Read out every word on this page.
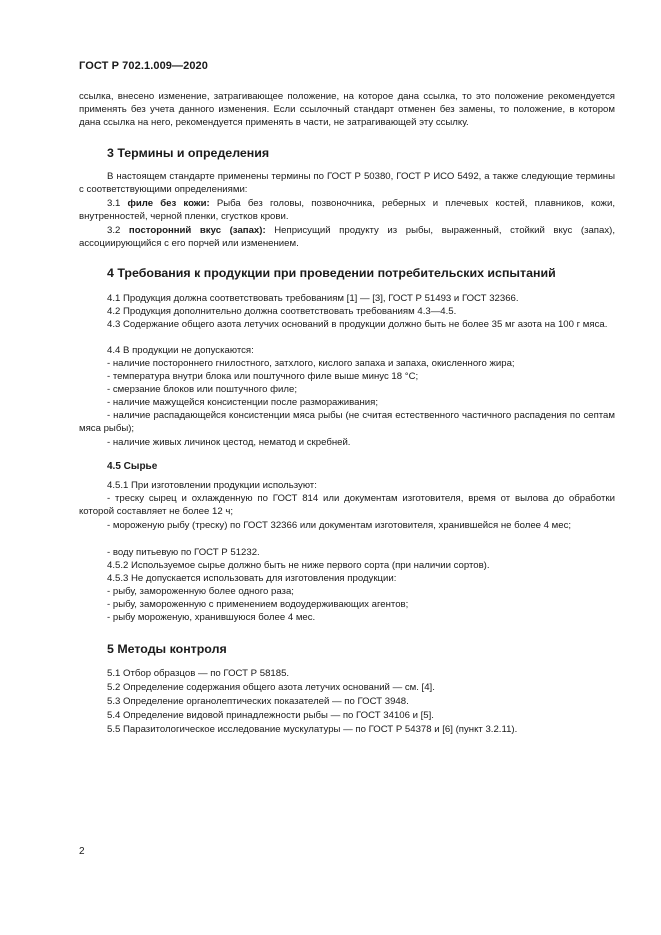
ГОСТ Р 702.1.009—2020

ссылка, внесено изменение, затрагивающее положение, на которое дана ссылка, то это положение рекомендуется применять без учета данного изменения. Если ссылочный стандарт отменен без замены, то положение, в котором дана ссылка на него, рекомендуется применять в части, не затрагивающей эту ссылку.

3 Термины и определения

В настоящем стандарте применены термины по ГОСТ Р 50380, ГОСТ Р ИСО 5492, а также следующие термины с соответствующими определениями:

3.1 филе без кожи: Рыба без головы, позвоночника, реберных и плечевых костей, плавников, кожи, внутренностей, черной пленки, сгустков крови.

3.2 посторонний вкус (запах): Неприсущий продукту из рыбы, выраженный, стойкий вкус (запах), ассоциирующийся с его порчей или изменением.

4 Требования к продукции при проведении потребительских испытаний

4.1 Продукция должна соответствовать требованиям [1] — [3], ГОСТ Р 51493 и ГОСТ 32366.

4.2 Продукция дополнительно должна соответствовать требованиям 4.3—4.5.

4.3 Содержание общего азота летучих оснований в продукции должно быть не более 35 мг азота на 100 г мяса.

4.4 В продукции не допускаются:

- наличие постороннего гнилостного, затхлого, кислого запаха и запаха, окисленного жира;

- температура внутри блока или поштучного филе выше минус 18 °C;

- смерзание блоков или поштучного филе;

- наличие мажущейся консистенции после размораживания;

- наличие распадающейся консистенции мяса рыбы (не считая естественного частичного распадения по септам мяса рыбы);

- наличие живых личинок цестод, нематод и скребней.

4.5 Сырье

4.5.1 При изготовлении продукции используют:

- треску сырец и охлажденную по ГОСТ 814 или документам изготовителя, время от вылова до обработки которой составляет не более 12 ч;

- мороженую рыбу (треску) по ГОСТ 32366 или документам изготовителя, хранившейся не более 4 мес;

- воду питьевую по ГОСТ Р 51232.

4.5.2 Используемое сырье должно быть не ниже первого сорта (при наличии сортов).

4.5.3 Не допускается использовать для изготовления продукции:

- рыбу, замороженную более одного раза;

- рыбу, замороженную с применением водоудерживающих агентов;

- рыбу мороженую, хранившуюся более 4 мес.

5 Методы контроля

5.1 Отбор образцов — по ГОСТ Р 58185.

5.2 Определение содержания общего азота летучих оснований — см. [4].

5.3 Определение органолептических показателей — по ГОСТ 3948.

5.4 Определение видовой принадлежности рыбы — по ГОСТ 34106 и [5].

5.5 Паразитологическое исследование мускулатуры — по ГОСТ Р 54378 и [6] (пункт 3.2.11).

2
